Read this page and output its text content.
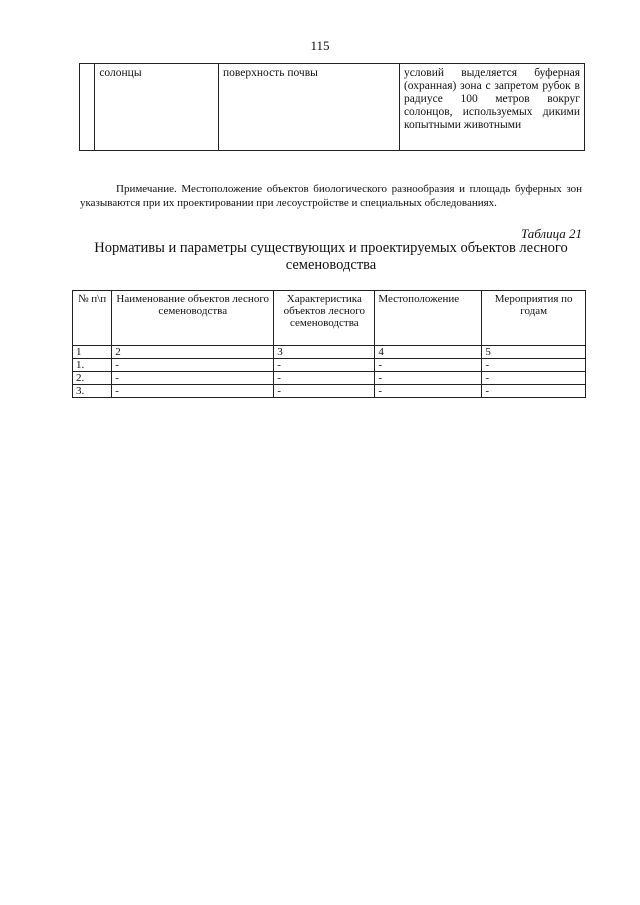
115
	солонцы	поверхность почвы	условий выделяется буферная (охранная) зона с запретом рубок в радиусе 100 метров вокруг солонцов, используемых дикими копытными животными

Примечание. Местоположение объектов биологического разнообразия и площадь буферных зон указываются при их проектировании при лесоустройстве и специальных обследованиях.

Таблица 21
Нормативы и параметры существующих и проектируемых объектов лесного семеноводства
№ п\п	Наименование объектов лесного семеноводства	Характеристика объектов лесного семеноводства	Местоположение	Мероприятия по годам
1	2	3	4	5
1.	-	-	-	-
2.	-	-	-	-
3.	-	-	-	-
